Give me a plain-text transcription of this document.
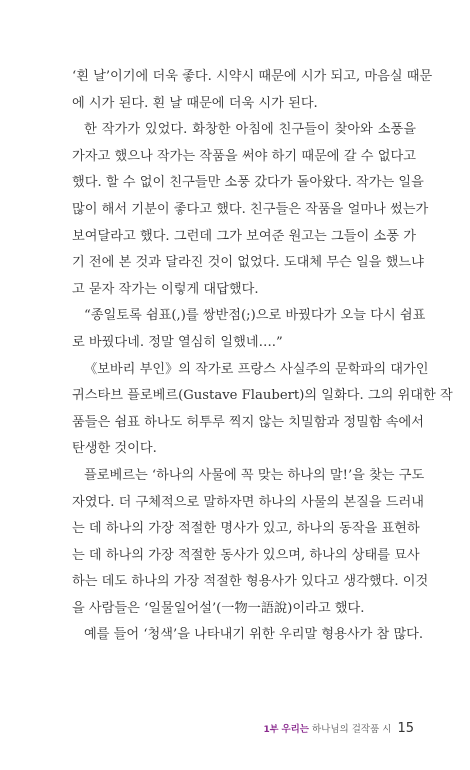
‘흰 날’이기에 더욱 좋다. 시약시 때문에 시가 되고, 마음실 때문
에 시가 된다. 흰 날 때문에 더욱 시가 된다.
한 작가가 있었다. 화창한 아침에 친구들이 찾아와 소풍을
가자고 했으나 작가는 작품을 써야 하기 때문에 갈 수 없다고
했다. 할 수 없이 친구들만 소풍 갔다가 돌아왔다. 작가는 일을
많이 해서 기분이 좋다고 했다. 친구들은 작품을 얼마나 썼는가
보여달라고 했다. 그런데 그가 보여준 원고는 그들이 소풍 가
기 전에 본 것과 달라진 것이 없었다. 도대체 무슨 일을 했느냐
고 묻자 작가는 이렇게 대답했다.
“종일토록 쉼표(,)를 쌍반점(;)으로 바꿨다가 오늘 다시 쉼표
로 바꿨다네. 정말 열심히 일했네….”
《보바리 부인》의 작가로 프랑스 사실주의 문학파의 대가인
귀스타브 플로베르(Gustave Flaubert)의 일화다. 그의 위대한 작
품들은 쉼표 하나도 허투루 찍지 않는 치밀함과 정밀함 속에서
탄생한 것이다.
플로베르는 ‘하나의 사물에 꼭 맞는 하나의 말!’을 찾는 구도
자였다. 더 구체적으로 말하자면 하나의 사물의 본질을 드러내
는 데 하나의 가장 적절한 명사가 있고, 하나의 동작을 표현하
는 데 하나의 가장 적절한 동사가 있으며, 하나의 상태를 묘사
하는 데도 하나의 가장 적절한 형용사가 있다고 생각했다. 이것
을 사람들은 ‘일물일어설’(一物一語說)이라고 했다.
예를 들어 ‘청색’을 나타내기 위한 우리말 형용사가 참 많다.
1부 우리는 하나님의 걸작품 시 15
